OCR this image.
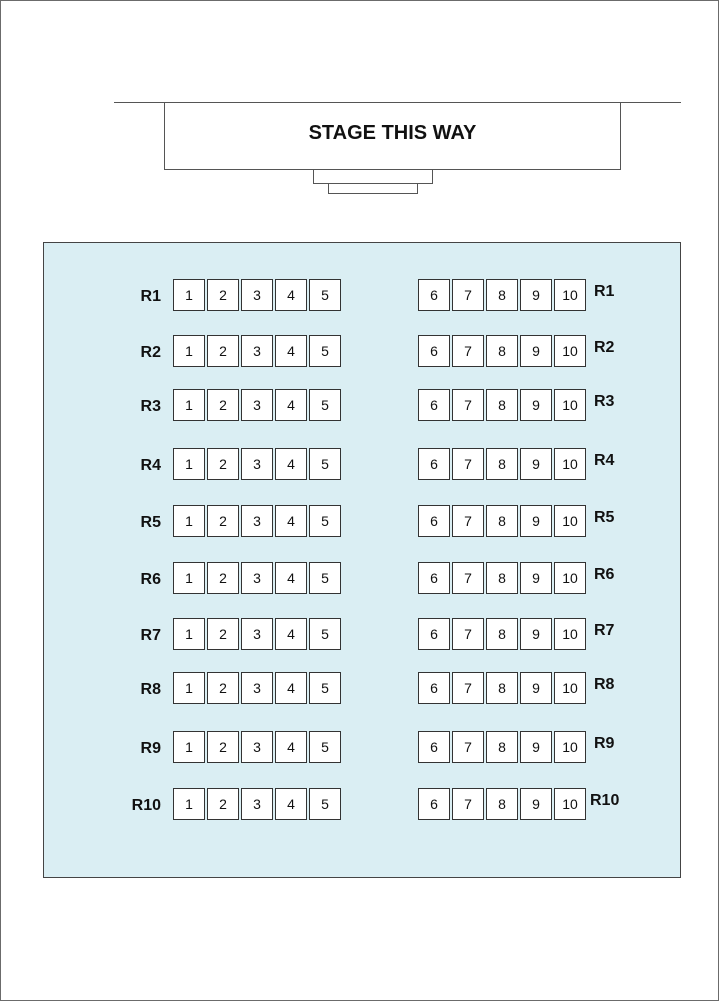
STAGE THIS WAY
R1	1	2	3	4	5	6	7	8	9	10	R1
R2	1	2	3	4	5	6	7	8	9	10	R2
R3	1	2	3	4	5	6	7	8	9	10	R3
R4	1	2	3	4	5	6	7	8	9	10	R4
R5	1	2	3	4	5	6	7	8	9	10	R5
R6	1	2	3	4	5	6	7	8	9	10	R6
R7	1	2	3	4	5	6	7	8	9	10	R7
R8	1	2	3	4	5	6	7	8	9	10	R8
R9	1	2	3	4	5	6	7	8	9	10	R9
R10	1	2	3	4	5	6	7	8	9	10 R10
